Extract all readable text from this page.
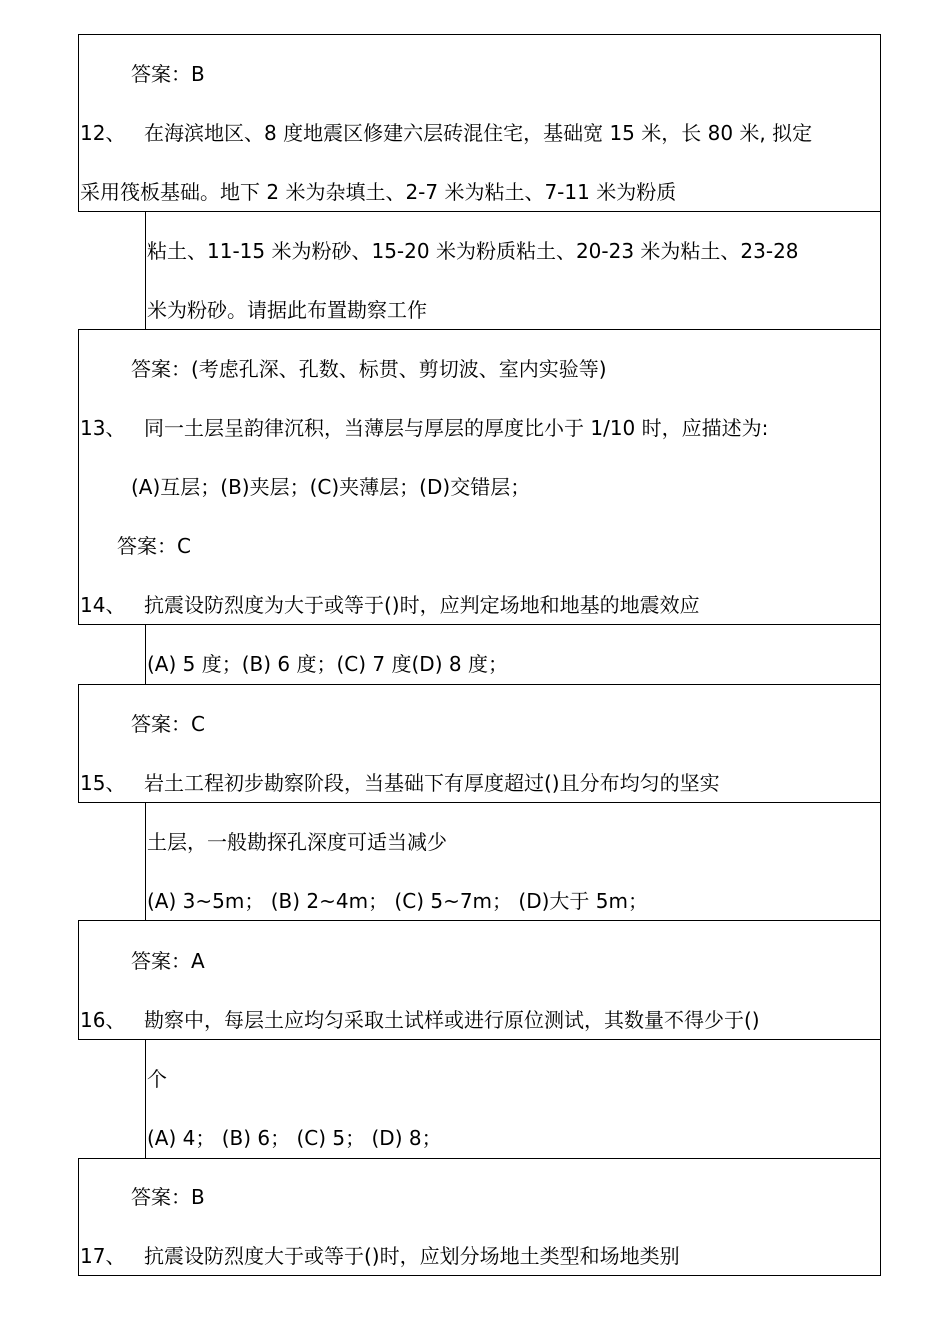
答案：B
12、 在海滨地区、8 度地震区修建六层砖混住宅，基础宽 15 米，长 80 米, 拟定
采用筏板基础。地下 2 米为杂填土、2-7 米为粘土、7-11 米为粉质
粘土、11-15 米为粉砂、15-20 米为粉质粘土、20-23 米为粘土、23-28
米为粉砂。请据此布置勘察工作
答案：(考虑孔深、孔数、标贯、剪切波、室内实验等)
13、 同一土层呈韵律沉积，当薄层与厚层的厚度比小于 1/10 时，应描述为:
(A)互层；(B)夹层；(C)夹薄层；(D)交错层；
答案：C
14、 抗震设防烈度为大于或等于()时，应判定场地和地基的地震效应
(A) 5 度；(B) 6 度；(C) 7 度(D) 8 度；
答案：C
15、 岩土工程初步勘察阶段，当基础下有厚度超过()且分布均匀的坚实
土层，一般勘探孔深度可适当减少
(A) 3~5m； (B) 2~4m； (C) 5~7m； (D)大于 5m；
答案：A
16、 勘察中，每层土应均匀采取土试样或进行原位测试，其数量不得少于()
个
(A) 4； (B) 6； (C) 5； (D) 8；
答案：B
17、 抗震设防烈度大于或等于()时，应划分场地土类型和场地类别
